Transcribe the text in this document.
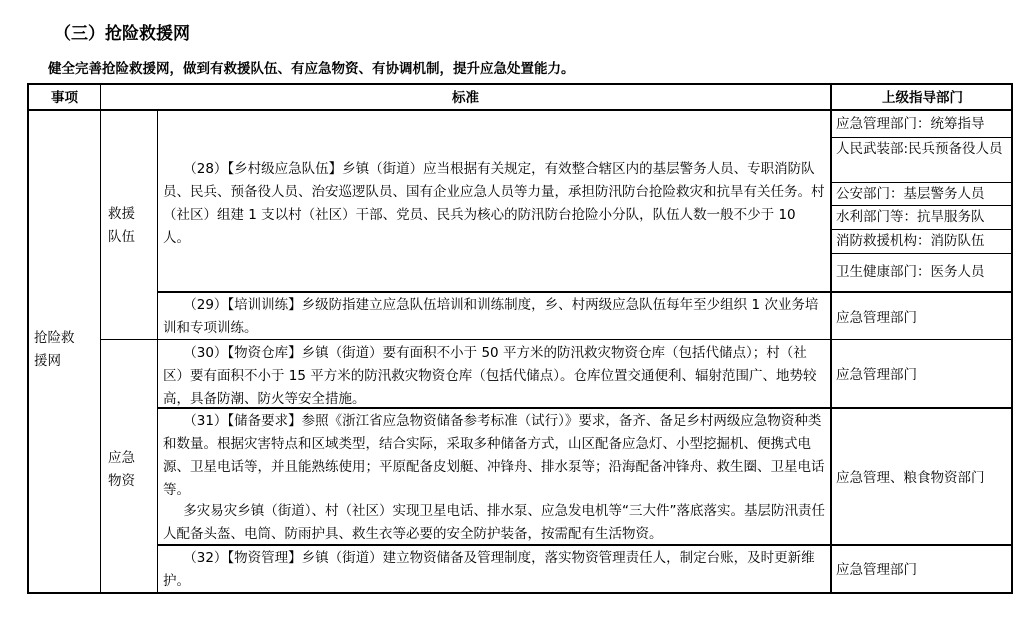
（三）抢险救援网
健全完善抢险救援网，做到有救援队伍、有应急物资、有协调机制，提升应急处置能力。
事项	标准	上级指导部门
抢险救援网
救援队伍
应急物资
（28）【乡村级应急队伍】乡镇（街道）应当根据有关规定，有效整合辖区内的基层警务人员、专职消防队员、民兵、预备役人员、治安巡逻队员、国有企业应急人员等力量，承担防汛防台抢险救灾和抗旱有关任务。村（社区）组建 1 支以村（社区）干部、党员、民兵为核心的防汛防台抢险小分队，队伍人数一般不少于 10 人。
（29）【培训训练】乡级防指建立应急队伍培训和训练制度，乡、村两级应急队伍每年至少组织 1 次业务培训和专项训练。
（30）【物资仓库】乡镇（街道）要有面积不小于 50 平方米的防汛救灾物资仓库（包括代储点）；村（社区）要有面积不小于 15 平方米的防汛救灾物资仓库（包括代储点）。仓库位置交通便利、辐射范围广、地势较高，具备防潮、防火等安全措施。
（31）【储备要求】参照《浙江省应急物资储备参考标准（试行）》要求，备齐、备足乡村两级应急物资种类和数量。根据灾害特点和区域类型，结合实际，采取多种储备方式，山区配备应急灯、小型挖掘机、便携式电源、卫星电话等，并且能熟练使用；平原配备皮划艇、冲锋舟、排水泵等；沿海配备冲锋舟、救生圈、卫星电话等。
多灾易灾乡镇（街道）、村（社区）实现卫星电话、排水泵、应急发电机等“三大件”落底落实。基层防汛责任人配备头盔、电筒、防雨护具、救生衣等必要的安全防护装备，按需配有生活物资。
（32）【物资管理】乡镇（街道）建立物资储备及管理制度，落实物资管理责任人，制定台账，及时更新维护。
应急管理部门：统筹指导
人民武装部:民兵预备役人员
公安部门：基层警务人员
水利部门等：抗旱服务队
消防救援机构：消防队伍
卫生健康部门：医务人员
应急管理部门
应急管理部门
应急管理、粮食物资部门
应急管理部门
